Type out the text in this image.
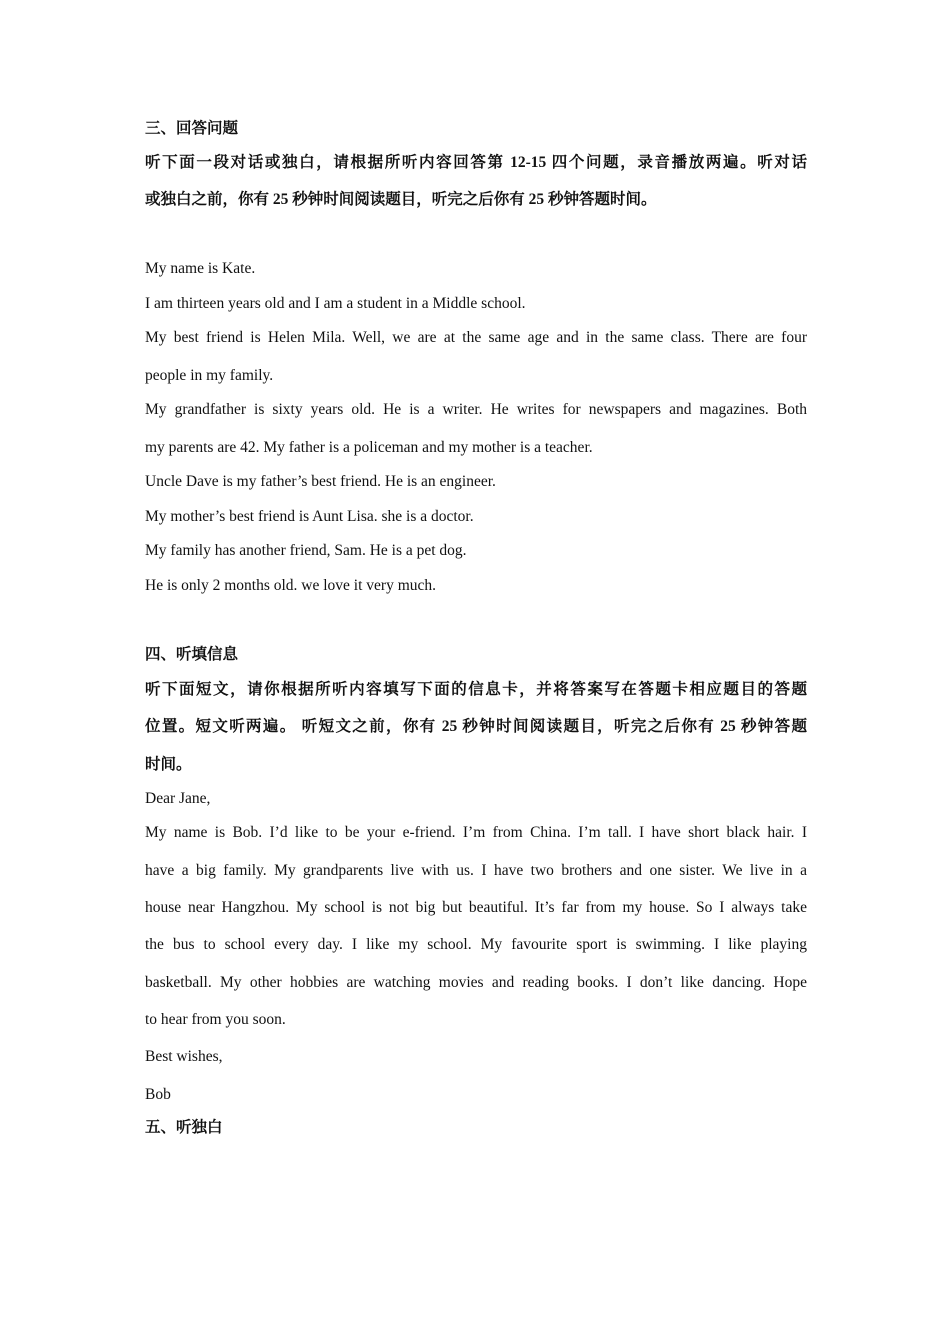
三、回答问题
听下面一段对话或独白，请根据所听内容回答第 12-15 四个问题，录音播放两遍。听对话
或独白之前，你有 25 秒钟时间阅读题目，听完之后你有 25 秒钟答题时间。
My name is Kate.
I am thirteen years old and I am a student in a Middle school.
My best friend is Helen Mila. Well, we are at the same age and in the same class. There are four
people in my family.
My grandfather is sixty years old. He is a writer. He writes for newspapers and magazines. Both
my parents are 42. My father is a policeman and my mother is a teacher.
Uncle Dave is my father’s best friend. He is an engineer.
My mother’s best friend is Aunt Lisa. she is a doctor.
My family has another friend, Sam. He is a pet dog.
He is only 2 months old. we love it very much.
四、听填信息
听下面短文，请你根据所听内容填写下面的信息卡，并将答案写在答题卡相应题目的答题
位置。短文听两遍。 听短文之前，你有 25 秒钟时间阅读题目，听完之后你有 25 秒钟答题
时间。
Dear Jane,
My name is Bob. I’d like to be your e-friend. I’m from China. I’m tall. I have short black hair. I
have a big family. My grandparents live with us. I have two brothers and one sister. We live in a
house near Hangzhou. My school is not big but beautiful. It’s far from my house. So I always take
the bus to school every day. I like my school. My favourite sport is swimming. I like playing
basketball. My other hobbies are watching movies and reading books. I don’t like dancing. Hope
to hear from you soon.
Best wishes,
Bob
五、听独白
